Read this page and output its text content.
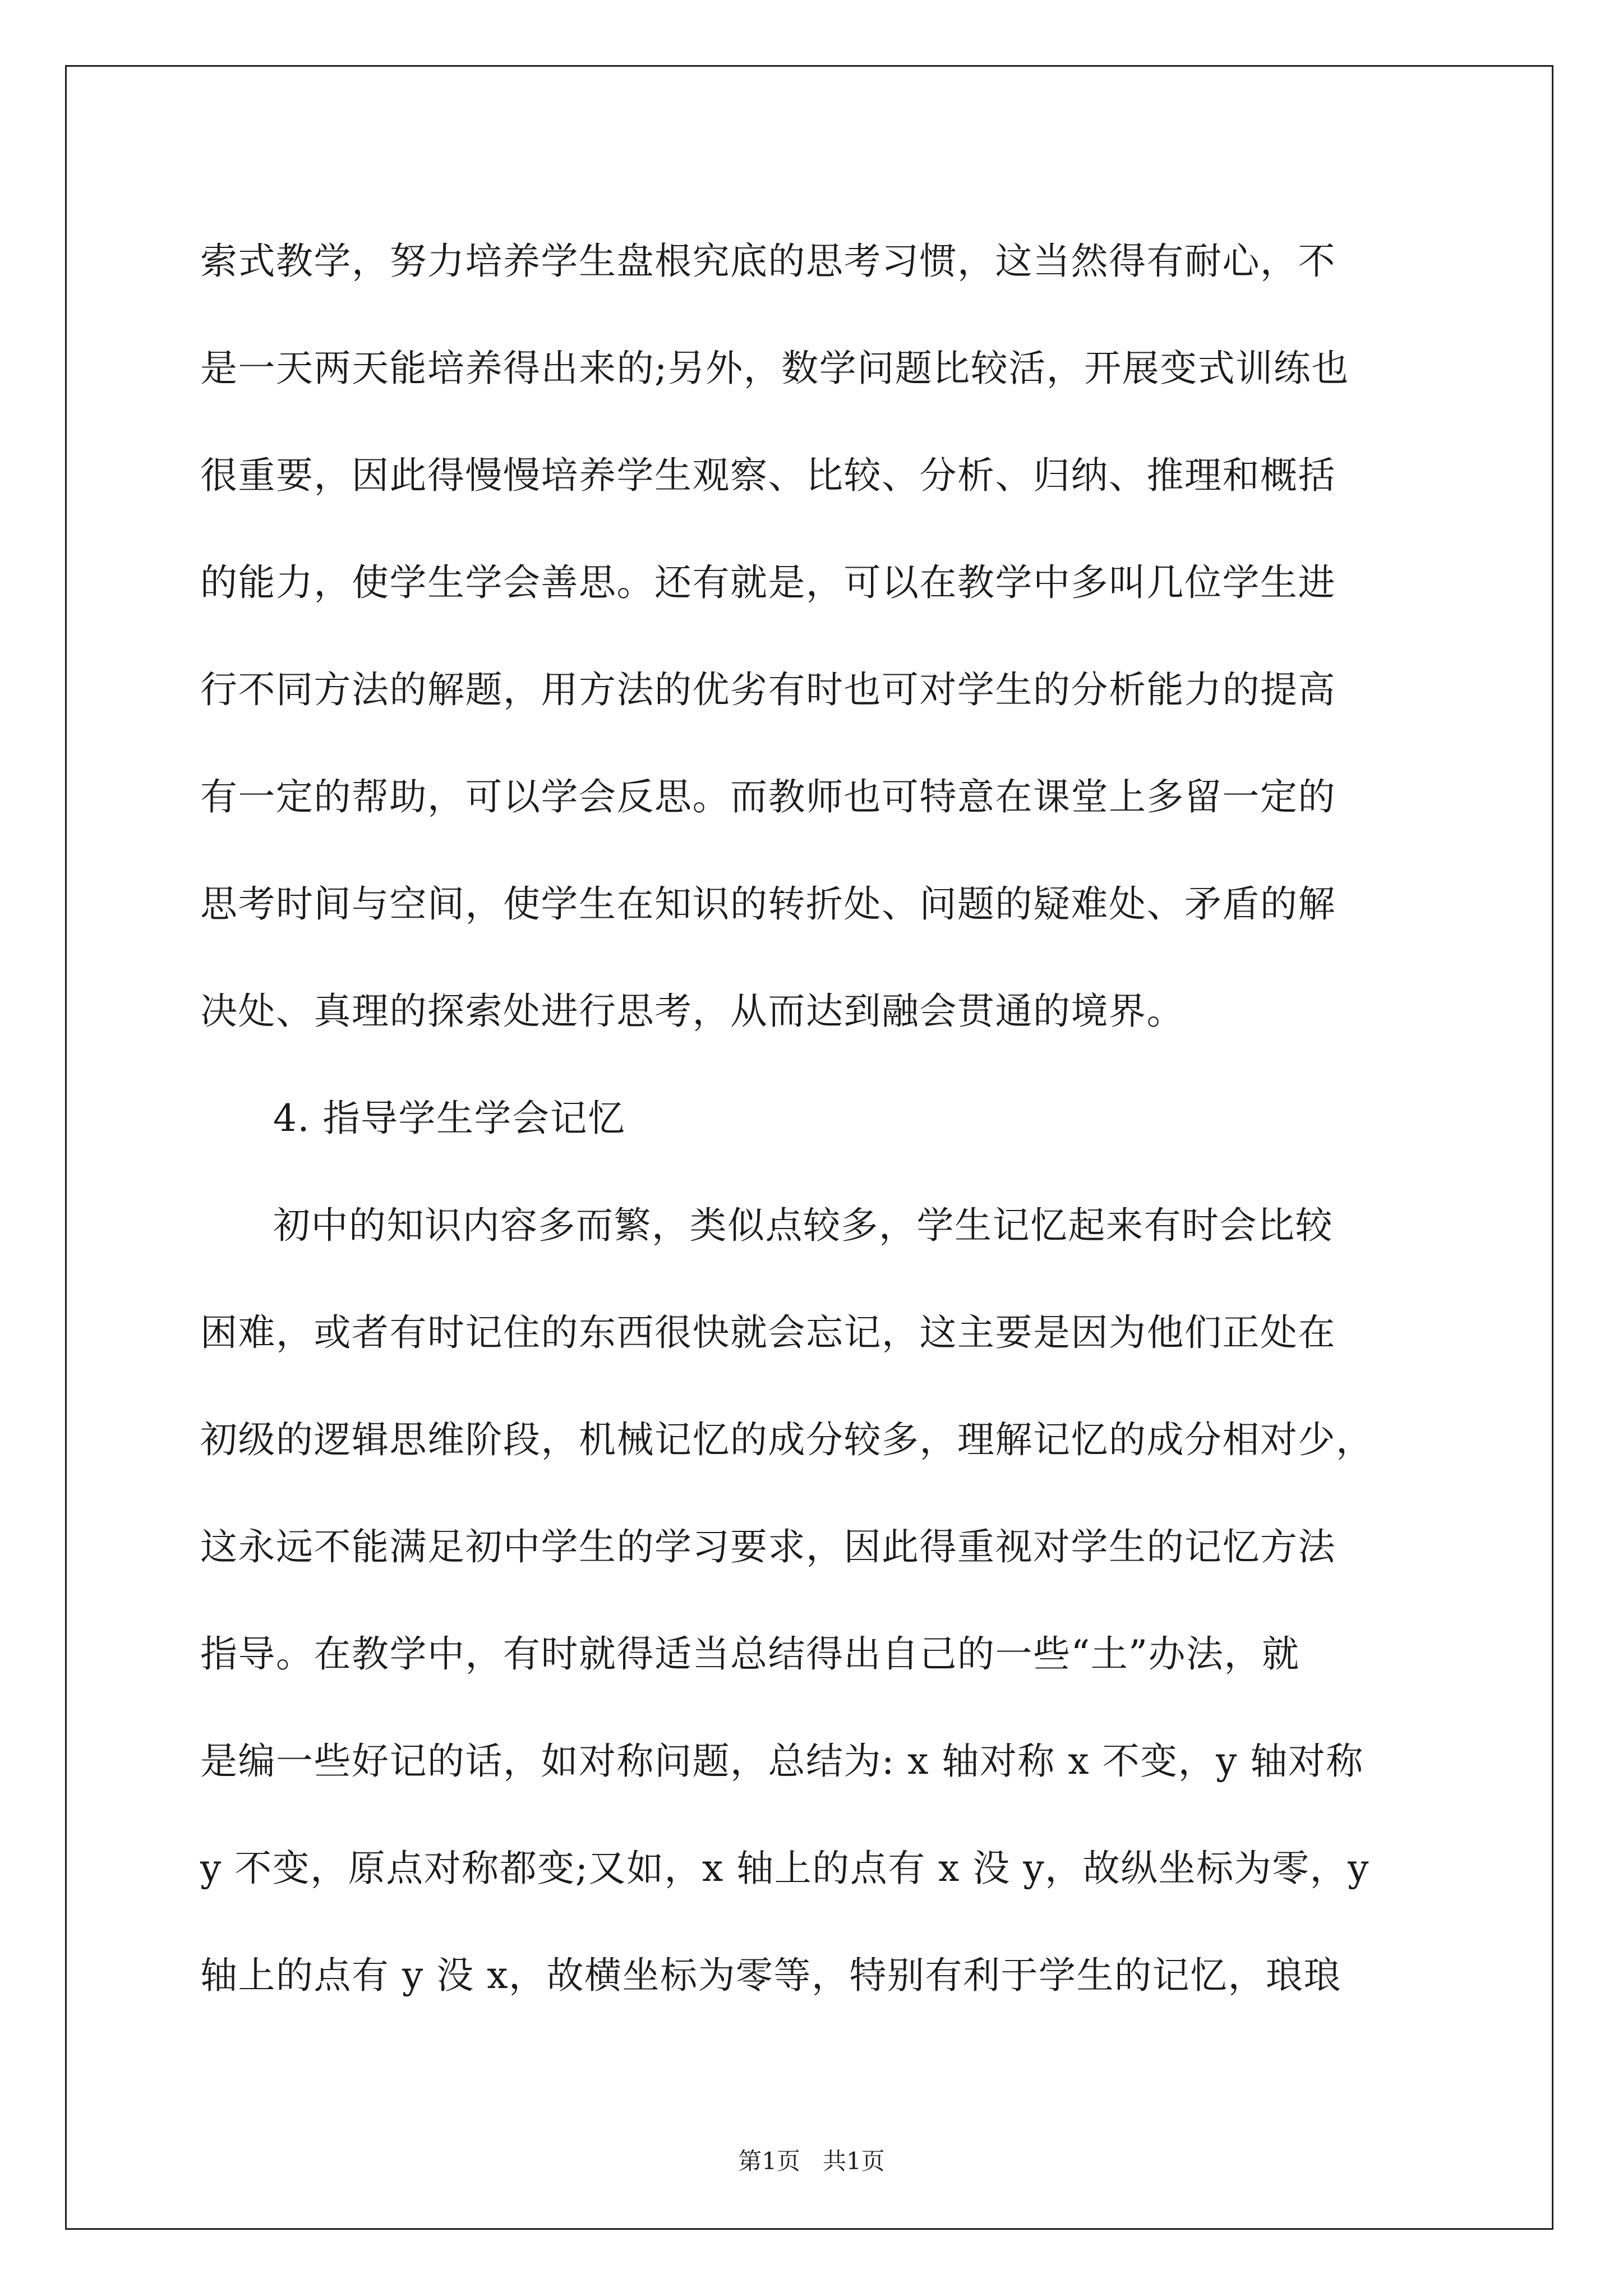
索式教学，努力培养学生盘根究底的思考习惯，这当然得有耐心，不
是一天两天能培养得出来的;另外，数学问题比较活，开展变式训练也
很重要，因此得慢慢培养学生观察、比较、分析、归纳、推理和概括
的能力，使学生学会善思。还有就是，可以在教学中多叫几位学生进
行不同方法的解题，用方法的优劣有时也可对学生的分析能力的提高
有一定的帮助，可以学会反思。而教师也可特意在课堂上多留一定的
思考时间与空间，使学生在知识的转折处、问题的疑难处、矛盾的解
决处、真理的探索处进行思考，从而达到融会贯通的境界。
4. 指导学生学会记忆
初中的知识内容多而繁，类似点较多，学生记忆起来有时会比较
困难，或者有时记住的东西很快就会忘记，这主要是因为他们正处在
初级的逻辑思维阶段，机械记忆的成分较多，理解记忆的成分相对少，
这永远不能满足初中学生的学习要求，因此得重视对学生的记忆方法
指导。在教学中，有时就得适当总结得出自己的一些“土”办法，就
是编一些好记的话，如对称问题，总结为: x 轴对称 x 不变，y 轴对称
y 不变，原点对称都变;又如，x 轴上的点有 x 没 y，故纵坐标为零，y
轴上的点有 y 没 x，故横坐标为零等，特别有利于学生的记忆，琅琅
第1页   共1页
